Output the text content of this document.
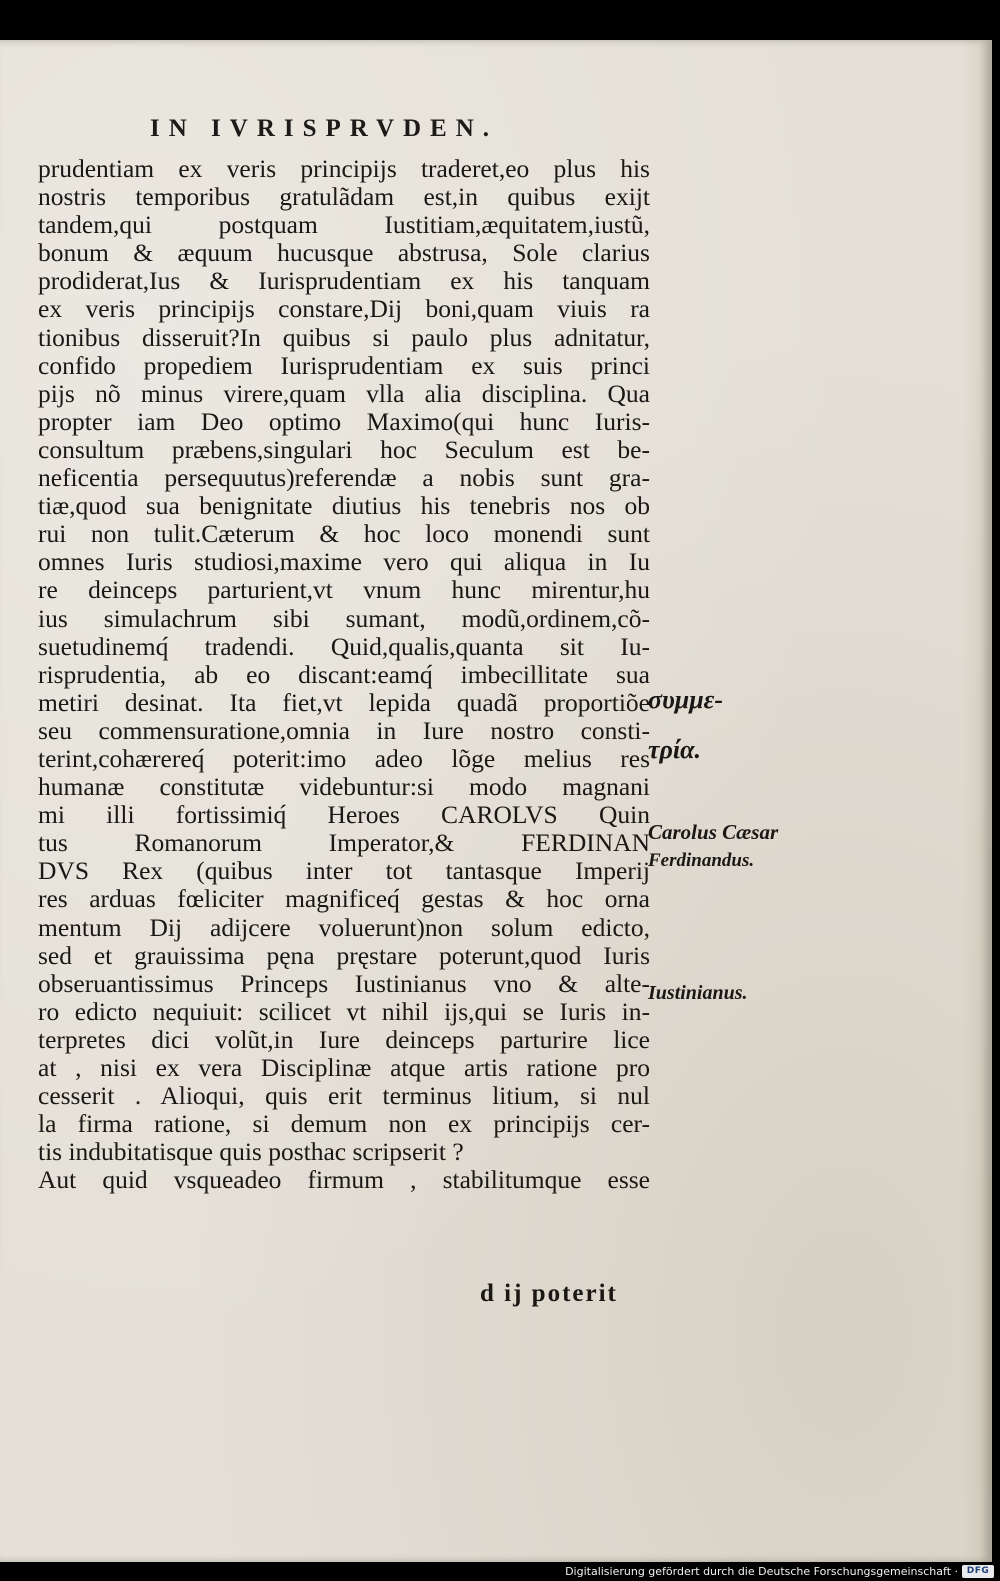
IN IVRISPRVDEN.
prudentiam ex veris principijs traderet,eo plus his
nostris temporibus gratulãdam est,in quibus exijt
tandem,qui postquam Iustitiam,æquitatem,iustũ,
bonum & æquum hucusque abstrusa, Sole clarius
prodiderat,Ius & Iurisprudentiam ex his tanquam
ex veris principijs constare,Dij boni,quam viuis ra
tionibus disseruit?In quibus si paulo plus adnitatur,
confido propediem Iurisprudentiam ex suis princi
pijs nõ minus virere,quam vlla alia disciplina. Qua
propter iam Deo optimo Maximo(qui hunc Iuris-
consultum præbens,singulari hoc Seculum est be-
neficentia persequutus)referendæ a nobis sunt gra-
tiæ,quod sua benignitate diutius his tenebris nos ob
rui non tulit.Cæterum & hoc loco monendi sunt
omnes Iuris studiosi,maxime vero qui aliqua in Iu
re deinceps parturient,vt vnum hunc mirentur,hu
ius simulachrum sibi sumant, modũ,ordinem,cõ-
suetudinemq́ tradendi. Quid,qualis,quanta sit Iu-
risprudentia, ab eo discant:eamq́ imbecillitate sua
metiri desinat. Ita fiet,vt lepida quadã proportiõe
seu commensuratione,omnia in Iure nostro consti-
terint,cohærereq́ poterit:imo adeo lõge melius res
humanæ constitutæ videbuntur:si modo magnani
mi illi fortissimiq́ Heroes CAROLVS Quin
tus Romanorum Imperator,& FERDINAN
DVS Rex (quibus inter tot tantasque Imperij
res arduas fœliciter magnificeq́ gestas & hoc orna
mentum Dij adijcere voluerunt)non solum edicto,
sed et grauissima pęna pręstare poterunt,quod Iuris
obseruantissimus Princeps Iustinianus vno & alte-
ro edicto nequiuit: scilicet vt nihil ijs,qui se Iuris in-
terpretes dici volũt,in Iure deinceps parturire lice
at , nisi ex vera Disciplinæ atque artis ratione pro
cesserit . Alioqui, quis erit terminus litium, si nul
la firma ratione, si demum non ex principijs cer-
tis indubitatisque quis posthac scripserit ?
Aut quid vsqueadeo firmum , stabilitumque esse
συμμε-
τρία.
Carolus Cæsar
Ferdinandus.
Iustinianus.
d ij poterit
Digitalisierung gefördert durch die Deutsche Forschungsgemeinschaft · DFG
